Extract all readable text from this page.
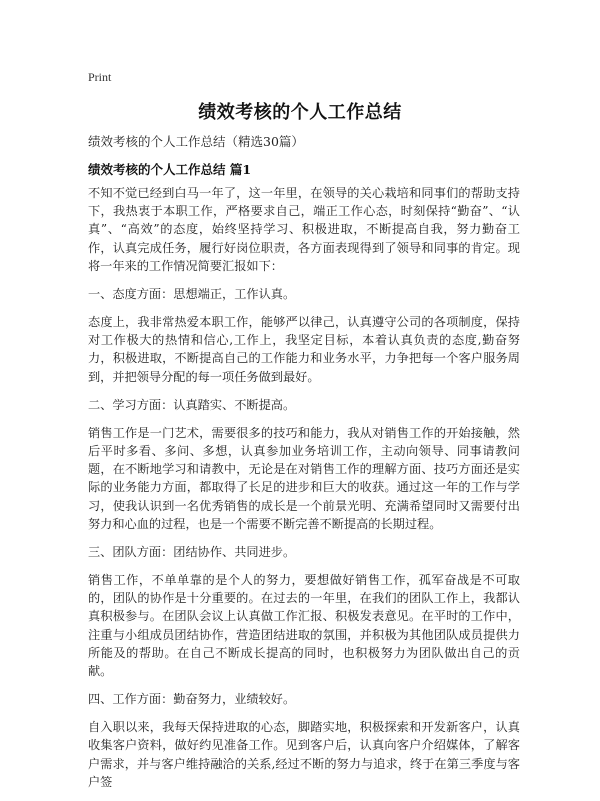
Print
绩效考核的个人工作总结
绩效考核的个人工作总结（精选30篇）
绩效考核的个人工作总结 篇1

不知不觉已经到白马一年了，这一年里，在领导的关心栽培和同事们的帮助支持下，我热衷于本职工作，严格要求自己，端正工作心态，时刻保持“勤奋”、“认真”、“高效”的态度，始终坚持学习、积极进取，不断提高自我，努力勤奋工作，认真完成任务，履行好岗位职责，各方面表现得到了领导和同事的肯定。现将一年来的工作情况简要汇报如下：

一、态度方面：思想端正，工作认真。

态度上，我非常热爱本职工作，能够严以律己，认真遵守公司的各项制度，保持对工作极大的热情和信心,工作上，我坚定目标，本着认真负责的态度,勤奋努力，积极进取，不断提高自己的工作能力和业务水平，力争把每一个客户服务周到，并把领导分配的每一项任务做到最好。

二、学习方面：认真踏实、不断提高。

销售工作是一门艺术，需要很多的技巧和能力，我从对销售工作的开始接触，然后平时多看、多问、多想，认真参加业务培训工作，主动向领导、同事请教问题，在不断地学习和请教中，无论是在对销售工作的理解方面、技巧方面还是实际的业务能力方面，都取得了长足的进步和巨大的收获。通过这一年的工作与学习，使我认识到一名优秀销售的成长是一个前景光明、充满希望同时又需要付出努力和心血的过程，也是一个需要不断完善不断提高的长期过程。

三、团队方面：团结协作、共同进步。

销售工作，不单单靠的是个人的努力，要想做好销售工作，孤军奋战是不可取的，团队的协作是十分重要的。在过去的一年里，在我们的团队工作上，我都认真积极参与。在团队会议上认真做工作汇报、积极发表意见。在平时的工作中，注重与小组成员团结协作，营造团结进取的氛围，并积极为其他团队成员提供力所能及的帮助。在自己不断成长提高的同时，也积极努力为团队做出自己的贡献。

四、工作方面：勤奋努力，业绩较好。

自入职以来，我每天保持进取的心态，脚踏实地，积极探索和开发新客户，认真收集客户资料，做好约见准备工作。见到客户后，认真向客户介绍媒体，了解客户需求，并与客户维持融洽的关系,经过不断的努力与追求，终于在第三季度与客户签
